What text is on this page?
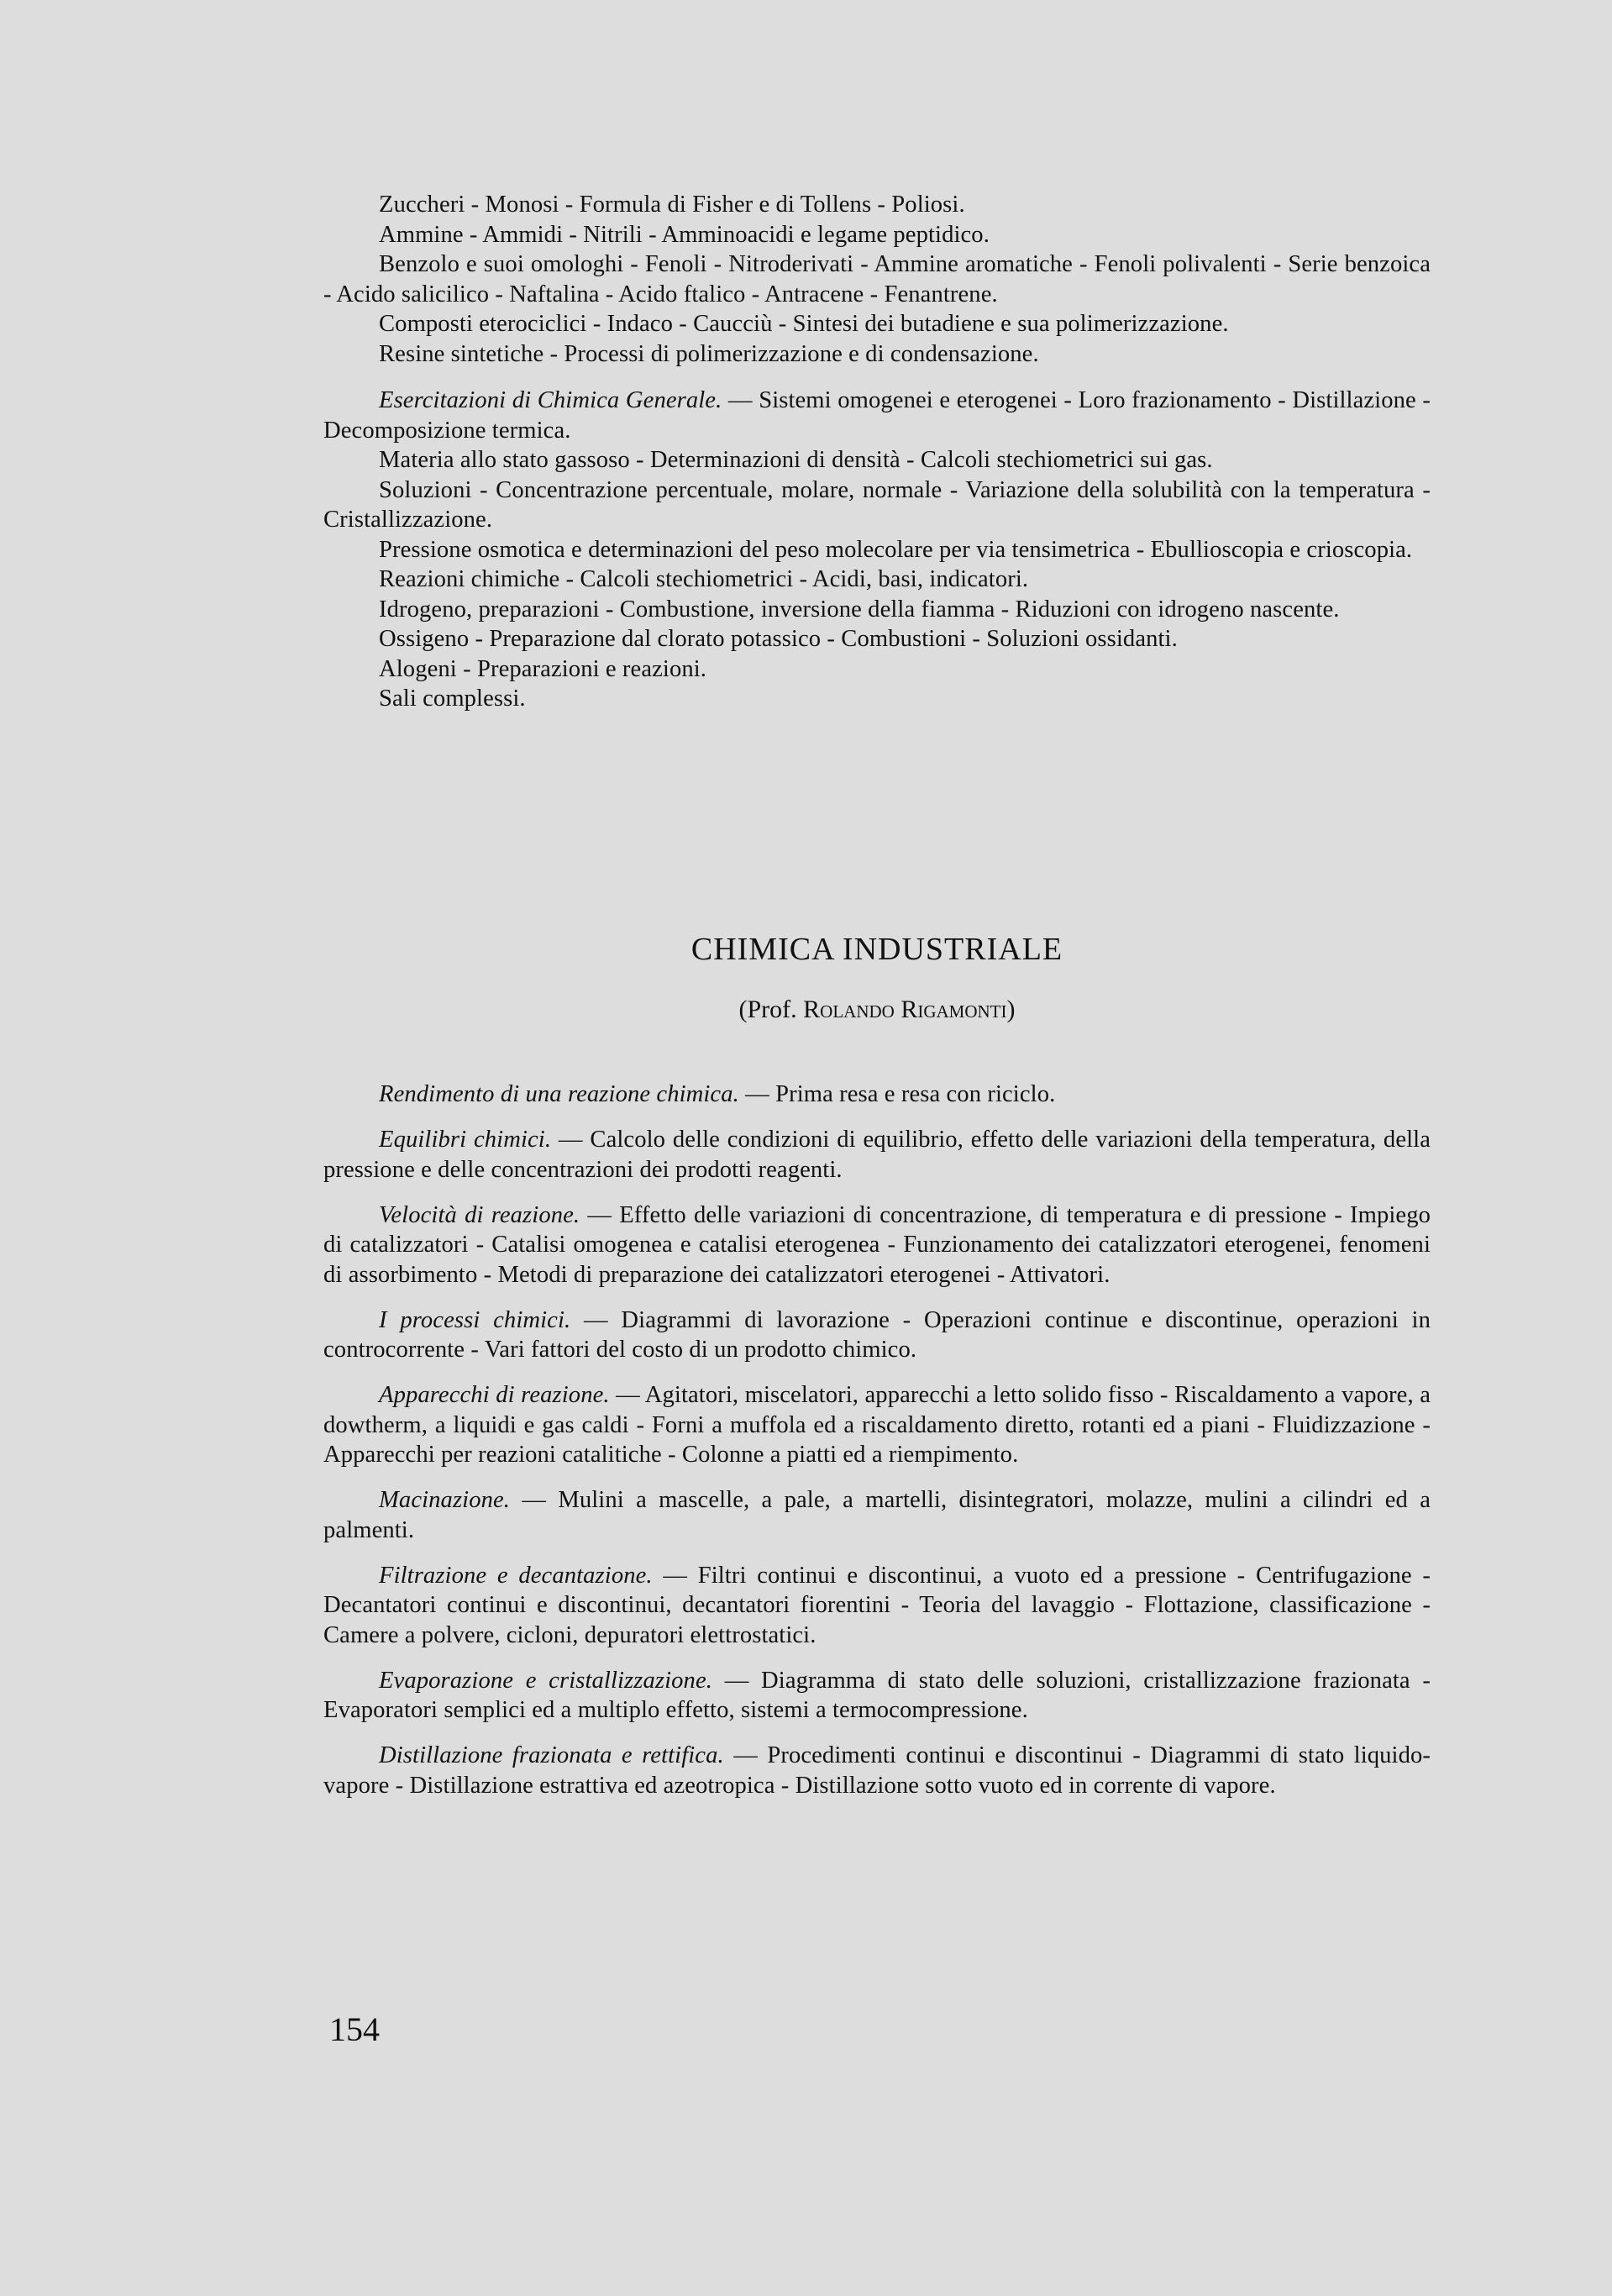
Zuccheri - Monosi - Formula di Fisher e di Tollens - Poliosi.

Ammine - Ammidi - Nitrili - Amminoacidi e legame peptidico.

Benzolo e suoi omologhi - Fenoli - Nitroderivati - Ammine aromatiche - Fenoli polivalenti - Serie benzoica - Acido salicilico - Naftalina - Acido ftalico - Antracene - Fenantrene.

Composti eterociclici - Indaco - Caucciù - Sintesi dei butadiene e sua polimerizzazione.

Resine sintetiche - Processi di polimerizzazione e di condensazione.

Esercitazioni di Chimica Generale. — Sistemi omogenei e eterogenei - Loro frazionamento - Distillazione - Decomposizione termica.

Materia allo stato gassoso - Determinazioni di densità - Calcoli stechiometrici sui gas.

Soluzioni - Concentrazione percentuale, molare, normale - Variazione della solubilità con la temperatura - Cristallizzazione.

Pressione osmotica e determinazioni del peso molecolare per via tensimetrica - Ebullioscopia e crioscopia.

Reazioni chimiche - Calcoli stechiometrici - Acidi, basi, indicatori.

Idrogeno, preparazioni - Combustione, inversione della fiamma - Riduzioni con idrogeno nascente.

Ossigeno - Preparazione dal clorato potassico - Combustioni - Soluzioni ossidanti.

Alogeni - Preparazioni e reazioni.

Sali complessi.

CHIMICA INDUSTRIALE
(Prof. Rolando Rigamonti)

Rendimento di una reazione chimica. — Prima resa e resa con riciclo.

Equilibri chimici. — Calcolo delle condizioni di equilibrio, effetto delle variazioni della temperatura, della pressione e delle concentrazioni dei prodotti reagenti.

Velocità di reazione. — Effetto delle variazioni di concentrazione, di temperatura e di pressione - Impiego di catalizzatori - Catalisi omogenea e catalisi eterogenea - Funzionamento dei catalizzatori eterogenei, fenomeni di assorbimento - Metodi di preparazione dei catalizzatori eterogenei - Attivatori.

I processi chimici. — Diagrammi di lavorazione - Operazioni continue e discontinue, operazioni in controcorrente - Vari fattori del costo di un prodotto chimico.

Apparecchi di reazione. — Agitatori, miscelatori, apparecchi a letto solido fisso - Riscaldamento a vapore, a dowtherm, a liquidi e gas caldi - Forni a muffola ed a riscaldamento diretto, rotanti ed a piani - Fluidizzazione - Apparecchi per reazioni catalitiche - Colonne a piatti ed a riempimento.

Macinazione. — Mulini a mascelle, a pale, a martelli, disintegratori, molazze, mulini a cilindri ed a palmenti.

Filtrazione e decantazione. — Filtri continui e discontinui, a vuoto ed a pressione - Centrifugazione - Decantatori continui e discontinui, decantatori fiorentini - Teoria del lavaggio - Flottazione, classificazione - Camere a polvere, cicloni, depuratori elettrostatici.

Evaporazione e cristallizzazione. — Diagramma di stato delle soluzioni, cristallizzazione frazionata - Evaporatori semplici ed a multiplo effetto, sistemi a termocompressione.

Distillazione frazionata e rettifica. — Procedimenti continui e discontinui - Diagrammi di stato liquido-vapore - Distillazione estrattiva ed azeotropica - Distillazione sotto vuoto ed in corrente di vapore.

154
